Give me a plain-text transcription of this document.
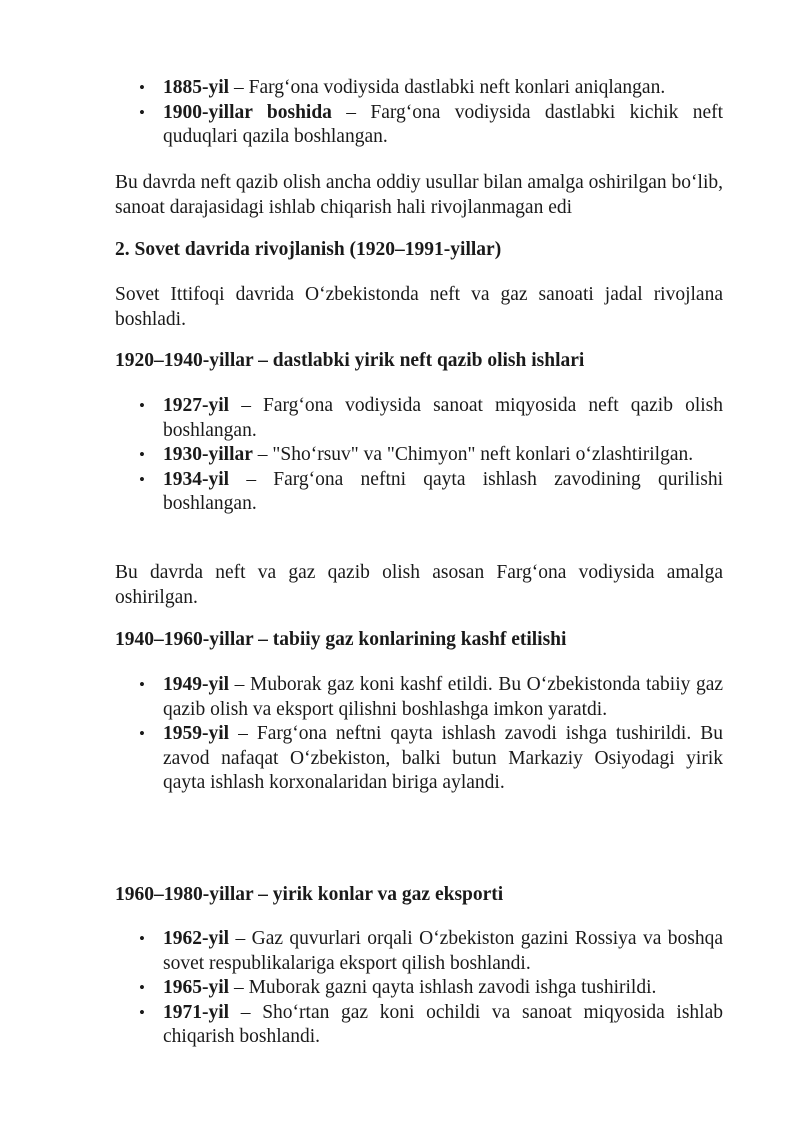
• 1885-yil – Farg‘ona vodiysida dastlabki neft konlari aniqlangan.
• 1900-yillar boshida – Farg‘ona vodiysida dastlabki kichik neft quduqlari qazila boshlangan.

Bu davrda neft qazib olish ancha oddiy usullar bilan amalga oshirilgan bo‘lib, sanoat darajasidagi ishlab chiqarish hali rivojlanmagan edi

2. Sovet davrida rivojlanish (1920–1991-yillar)

Sovet Ittifoqi davrida O‘zbekistonda neft va gaz sanoati jadal rivojlana boshladi.

1920–1940-yillar – dastlabki yirik neft qazib olish ishlari

• 1927-yil – Farg‘ona vodiysida sanoat miqyosida neft qazib olish boshlangan.
• 1930-yillar – "Sho‘rsuv" va "Chimyon" neft konlari o‘zlashtirilgan.
• 1934-yil – Farg‘ona neftni qayta ishlash zavodining qurilishi boshlangan.

Bu davrda neft va gaz qazib olish asosan Farg‘ona vodiysida amalga oshirilgan.

1940–1960-yillar – tabiiy gaz konlarining kashf etilishi

• 1949-yil – Muborak gaz koni kashf etildi. Bu O‘zbekistonda tabiiy gaz qazib olish va eksport qilishni boshlashga imkon yaratdi.
• 1959-yil – Farg‘ona neftni qayta ishlash zavodi ishga tushirildi. Bu zavod nafaqat O‘zbekiston, balki butun Markaziy Osiyodagi yirik qayta ishlash korxonalaridan biriga aylandi.

1960–1980-yillar – yirik konlar va gaz eksporti

• 1962-yil – Gaz quvurlari orqali O‘zbekiston gazini Rossiya va boshqa sovet respublikalariga eksport qilish boshlandi.
• 1965-yil – Muborak gazni qayta ishlash zavodi ishga tushirildi.
• 1971-yil – Sho‘rtan gaz koni ochildi va sanoat miqyosida ishlab chiqarish boshlandi.
